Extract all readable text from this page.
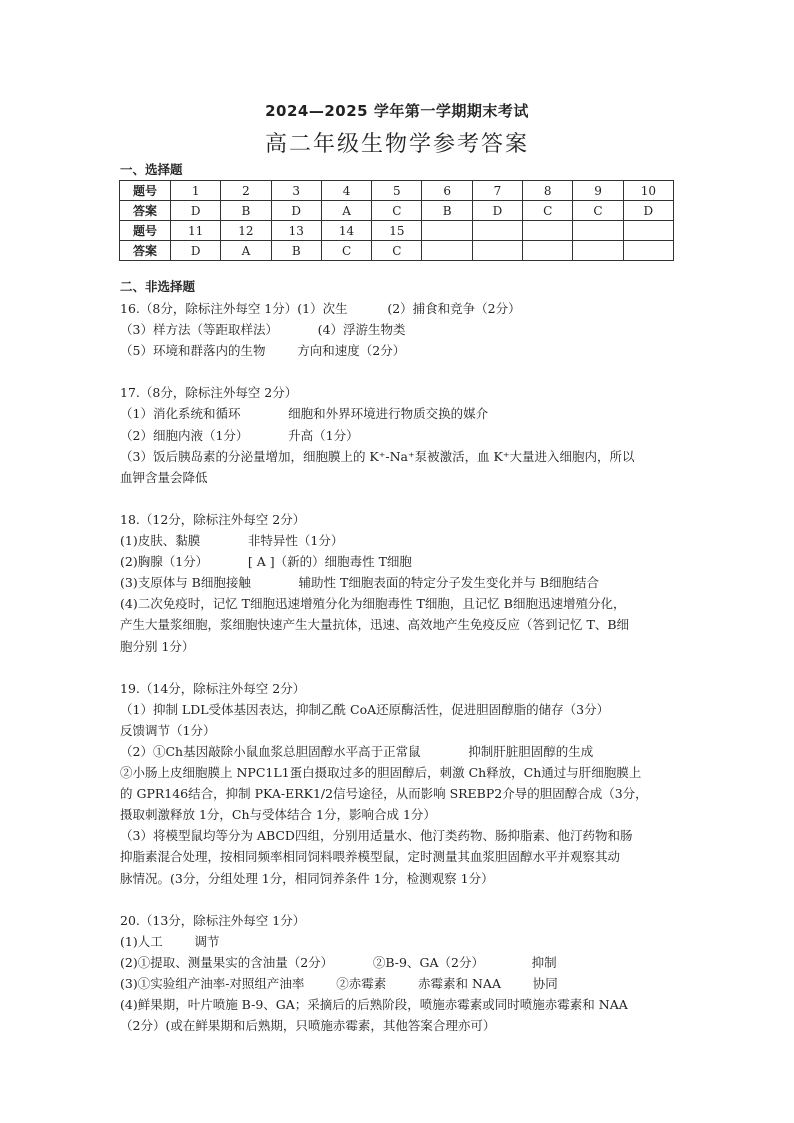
2024—2025 学年第一学期期末考试
高二年级生物学参考答案
一、选择题
题号	1	2	3	4	5	6	7	8	9	10
答案	D	B	D	A	C	B	D	C	C	D
题号	11	12	13	14	15					
答案	D	A	B	C	C					
二、非选择题
16.（8分，除标注外每空 1分）(1）次生          (2）捕食和竞争（2分）
（3）样方法（等距取样法）          (4）浮游生物类
（5）环境和群落内的生物        方向和速度（2分）
17.（8分，除标注外每空 2分）
（1）消化系统和循环            细胞和外界环境进行物质交换的媒介
（2）细胞内液（1分）          升高（1分）
（3）饭后胰岛素的分泌量增加，细胞膜上的 K⁺-Na⁺泵被激活，血 K⁺大量进入细胞内，所以
血钾含量会降低
18.（12分，除标注外每空 2分）
(1)皮肤、黏膜            非特异性（1分）
(2)胸腺（1分）          [ A ]（新的）细胞毒性 T细胞
(3)支原体与 B细胞接触            辅助性 T细胞表面的特定分子发生变化并与 B细胞结合
(4)二次免疫时，记忆 T细胞迅速增殖分化为细胞毒性 T细胞，且记忆 B细胞迅速增殖分化，
产生大量浆细胞，浆细胞快速产生大量抗体，迅速、高效地产生免疫反应（答到记忆 T、B细
胞分别 1分）
19.（14分，除标注外每空 2分）
（1）抑制 LDL受体基因表达，抑制乙酰 CoA还原酶活性，促进胆固醇脂的储存（3分）
反馈调节（1分）
（2）①Ch基因敲除小鼠血浆总胆固醇水平高于正常鼠            抑制肝脏胆固醇的生成
②小肠上皮细胞膜上 NPC1L1蛋白摄取过多的胆固醇后，刺激 Ch释放，Ch通过与肝细胞膜上
的 GPR146结合，抑制 PKA-ERK1/2信号途径，从而影响 SREBP2介导的胆固醇合成（3分，
摄取刺激释放 1分，Ch与受体结合 1分，影响合成 1分）
（3）将模型鼠均等分为 ABCD四组，分别用适量水、他汀类药物、肠抑脂素、他汀药物和肠
抑脂素混合处理，按相同频率相同饲料喂养模型鼠，定时测量其血浆胆固醇水平并观察其动
脉情况。(3分，分组处理 1分，相同饲养条件 1分，检测观察 1分）
20.（13分，除标注外每空 1分）
(1)人工        调节
(2)①提取、测量果实的含油量（2分）          ②B-9、GA（2分）            抑制
(3)①实验组产油率-对照组产油率        ②赤霉素        赤霉素和 NAA        协同
(4)鲜果期，叶片喷施 B-9、GA；采摘后的后熟阶段，喷施赤霉素或同时喷施赤霉素和 NAA
（2分）(或在鲜果期和后熟期，只喷施赤霉素，其他答案合理亦可）
